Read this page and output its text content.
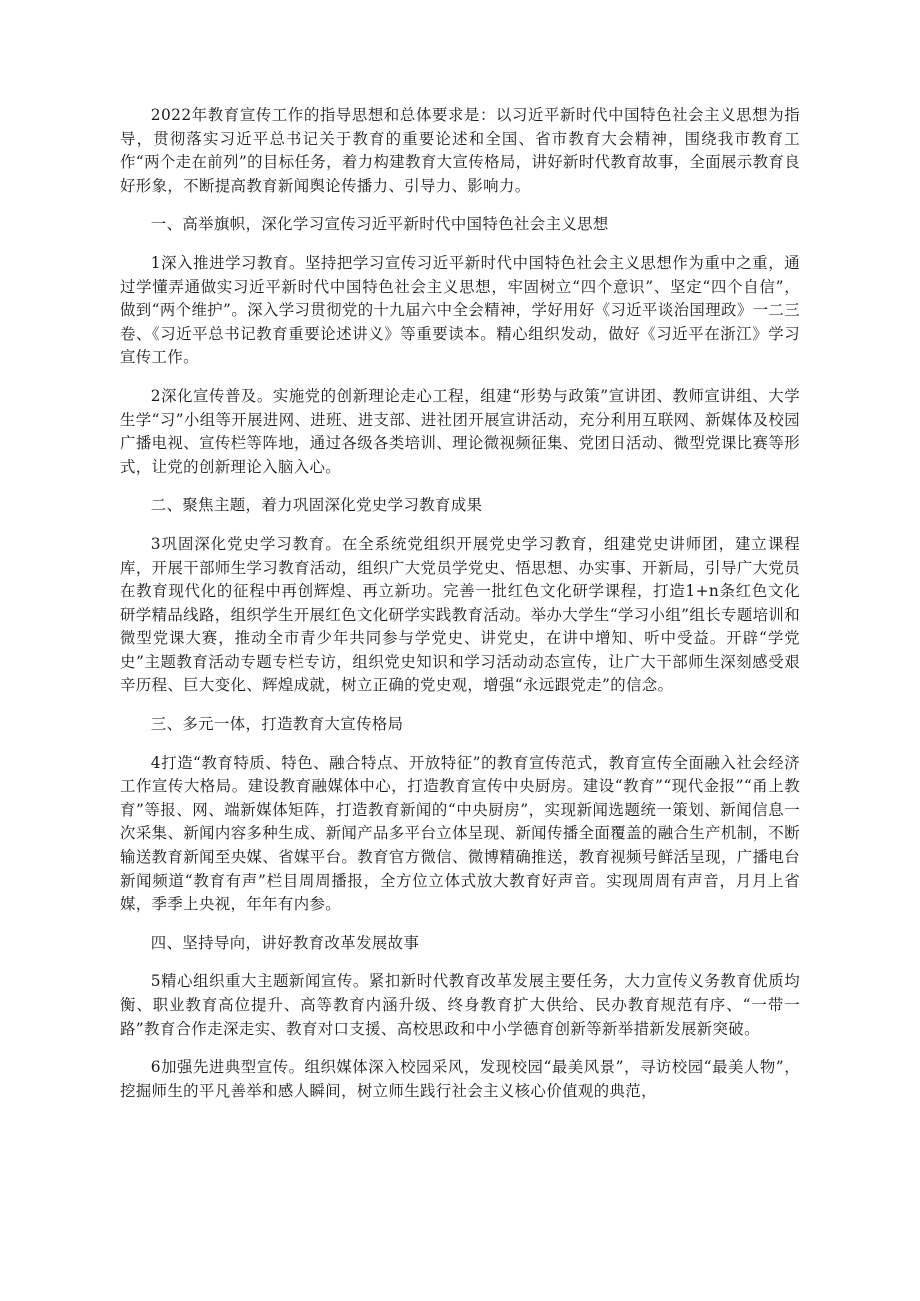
2022年教育宣传工作的指导思想和总体要求是：以习近平新时代中国特色社会主义思想为指导，贯彻落实习近平总书记关于教育的重要论述和全国、省市教育大会精神，围绕我市教育工作“两个走在前列”的目标任务，着力构建教育大宣传格局，讲好新时代教育故事，全面展示教育良好形象，不断提高教育新闻舆论传播力、引导力、影响力。

一、高举旗帜，深化学习宣传习近平新时代中国特色社会主义思想

1深入推进学习教育。坚持把学习宣传习近平新时代中国特色社会主义思想作为重中之重，通过学懂弄通做实习近平新时代中国特色社会主义思想，牢固树立“四个意识”、坚定“四个自信”，做到“两个维护”。深入学习贯彻党的十九届六中全会精神，学好用好《习近平谈治国理政》一二三卷、《习近平总书记教育重要论述讲义》等重要读本。精心组织发动，做好《习近平在浙江》学习宣传工作。

2深化宣传普及。实施党的创新理论走心工程，组建“形势与政策”宣讲团、教师宣讲组、大学生学“习”小组等开展进网、进班、进支部、进社团开展宣讲活动，充分利用互联网、新媒体及校园广播电视、宣传栏等阵地，通过各级各类培训、理论微视频征集、党团日活动、微型党课比赛等形式，让党的创新理论入脑入心。

二、聚焦主题，着力巩固深化党史学习教育成果

3巩固深化党史学习教育。在全系统党组织开展党史学习教育，组建党史讲师团，建立课程库，开展干部师生学习教育活动，组织广大党员学党史、悟思想、办实事、开新局，引导广大党员在教育现代化的征程中再创辉煌、再立新功。完善一批红色文化研学课程，打造1+n条红色文化研学精品线路，组织学生开展红色文化研学实践教育活动。举办大学生“学习小组”组长专题培训和微型党课大赛，推动全市青少年共同参与学党史、讲党史，在讲中增知、听中受益。开辟“学党史”主题教育活动专题专栏专访，组织党史知识和学习活动动态宣传，让广大干部师生深刻感受艰辛历程、巨大变化、辉煌成就，树立正确的党史观，增强“永远跟党走”的信念。

三、多元一体，打造教育大宣传格局

4打造“教育特质、特色、融合特点、开放特征”的教育宣传范式，教育宣传全面融入社会经济工作宣传大格局。建设教育融媒体中心，打造教育宣传中央厨房。建设“教育”“现代金报”“甬上教育”等报、网、端新媒体矩阵，打造教育新闻的“中央厨房”，实现新闻选题统一策划、新闻信息一次采集、新闻内容多种生成、新闻产品多平台立体呈现、新闻传播全面覆盖的融合生产机制，不断输送教育新闻至央媒、省媒平台。教育官方微信、微博精确推送，教育视频号鲜活呈现，广播电台新闻频道“教育有声”栏目周周播报，全方位立体式放大教育好声音。实现周周有声音，月月上省媒，季季上央视，年年有内参。

四、坚持导向，讲好教育改革发展故事

5精心组织重大主题新闻宣传。紧扣新时代教育改革发展主要任务，大力宣传义务教育优质均衡、职业教育高位提升、高等教育内涵升级、终身教育扩大供给、民办教育规范有序、“一带一路”教育合作走深走实、教育对口支援、高校思政和中小学德育创新等新举措新发展新突破。

6加强先进典型宣传。组织媒体深入校园采风，发现校园“最美风景”，寻访校园“最美人物”，挖掘师生的平凡善举和感人瞬间，树立师生践行社会主义核心价值观的典范，
